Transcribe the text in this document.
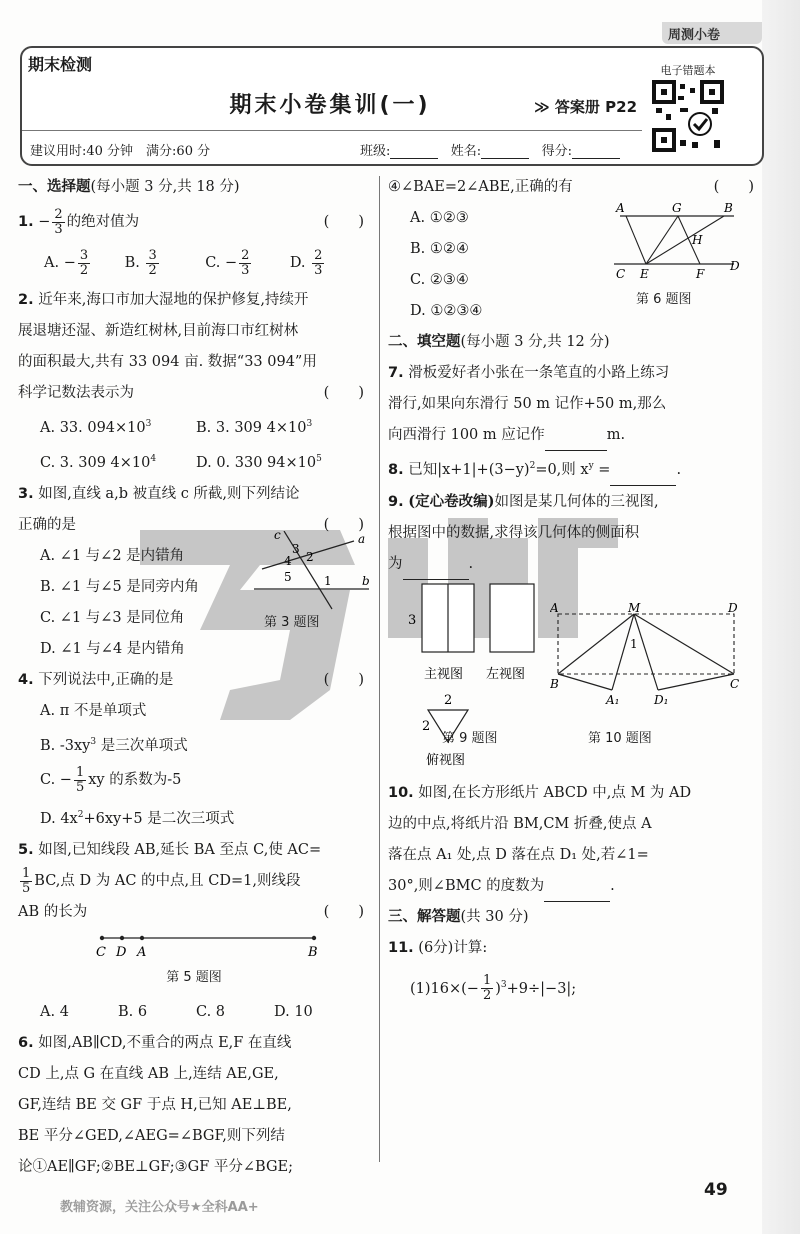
周测小卷
期末检测
期末小卷集训(一)	≫ 答案册 P22
建议用时:40 分钟　满分:60 分	班级:	姓名:	得分:
电子错题本
一、选择题(每小题 3 分,共 18 分)
1. − $\frac{2}{3}$ 的绝对值为	(　　)
A. − $\frac{3}{2} B$. $\frac{3}{2}$	C. − $\frac{2}{3}$	D. $\frac{2}{3}$
2. 近年来,海口市加大湿地的保护修复,持续开
展退塘还湿、新造红树林,目前海口市红树林
的面积最大,共有 33 094 亩. 数据“33 094”用
科学记数法表示为	(　　)
A. 33. $094\times 10^3$	B. 3. 309 $4\times 10^3$
C. 3. 309 $4\times 10^4$	D. 0. 330 $94\times 10^5$
3. 如图,直线 a,b 被直线 c 所截,则下列结论
正确的是	(　　)
A. ∠1 与∠2 是内错角
B. ∠1 与∠5 是同旁内角
C. ∠1 与∠3 是同位角
D. ∠1 与∠4 是内错角
c	a
b
3
4 2
5	1
第 3 题图
4. 下列说法中,正确的是	(　　)
A. π 不是单项式
B. $-3xy^3$ 是三次单项式
C. − $\frac{1}{5}$ xy 的系数为-5
D. $4x^2+6xy+5$ 是二次三项式
5. 如图,已知线段 AB,延长 BA 至点 C,使 AC=
$\frac{1}{5}$ BC,点 D 为 AC 的中点,且 CD=1,则线段
AB 的长为	(　　)
C D A	B
第 5 题图
A. 4	B. 6	C. 8	D. 10
6. 如图,AB∥CD,不重合的两点 E,F 在直线
CD 上,点 G 在直线 AB 上,连结 AE,GE,
GF,连结 BE 交 GF 于点 H,已知 AE⊥BE,
BE 平分∠GED,∠AEG=∠BGF,则下列结
论①AE∥GF;②BE⊥GF;③GF 平分∠BGE;
④∠BAE=2∠ABE,正确的有	(　　)
A. ①②③
B. ①②④
C. ②③④
D. ①②③④
A	G	B
H
C E	F
D
第 6 题图
二、填空题(每小题 3 分,共 12 分)
7. 滑板爱好者小张在一条笔直的小路上练习
滑行,如果向东滑行 50 m 记作+50 m,那么
向西滑行 100 m 应记作	m.
8. 已知$|x+1|+(3-y)^2=0$,则 $x^y$ =	.
9. (定心卷改编)如图是某几何体的三视图,
根据图中的数据,求得该几何体的侧面积
为	.
3
主视图 左视图
2
2
俯视图
A	M	D
1
B	C
A₁	D₁
第 10 题图
第 9 题图
10. 如图,在长方形纸片 ABCD 中,点 M 为 AD
边的中点,将纸片沿 BM,CM 折叠,使点 A
落在点 A₁ 处,点 D 落在点 D₁ 处,若∠1=
30°,则∠BMC 的度数为	.
三、解答题(共 30 分)
11. (6分)计算:
$(1)16\times(- \frac{1}{2} )^3+9\div|-3|$;
教辅资源，关注公众号★全科AA+
49
